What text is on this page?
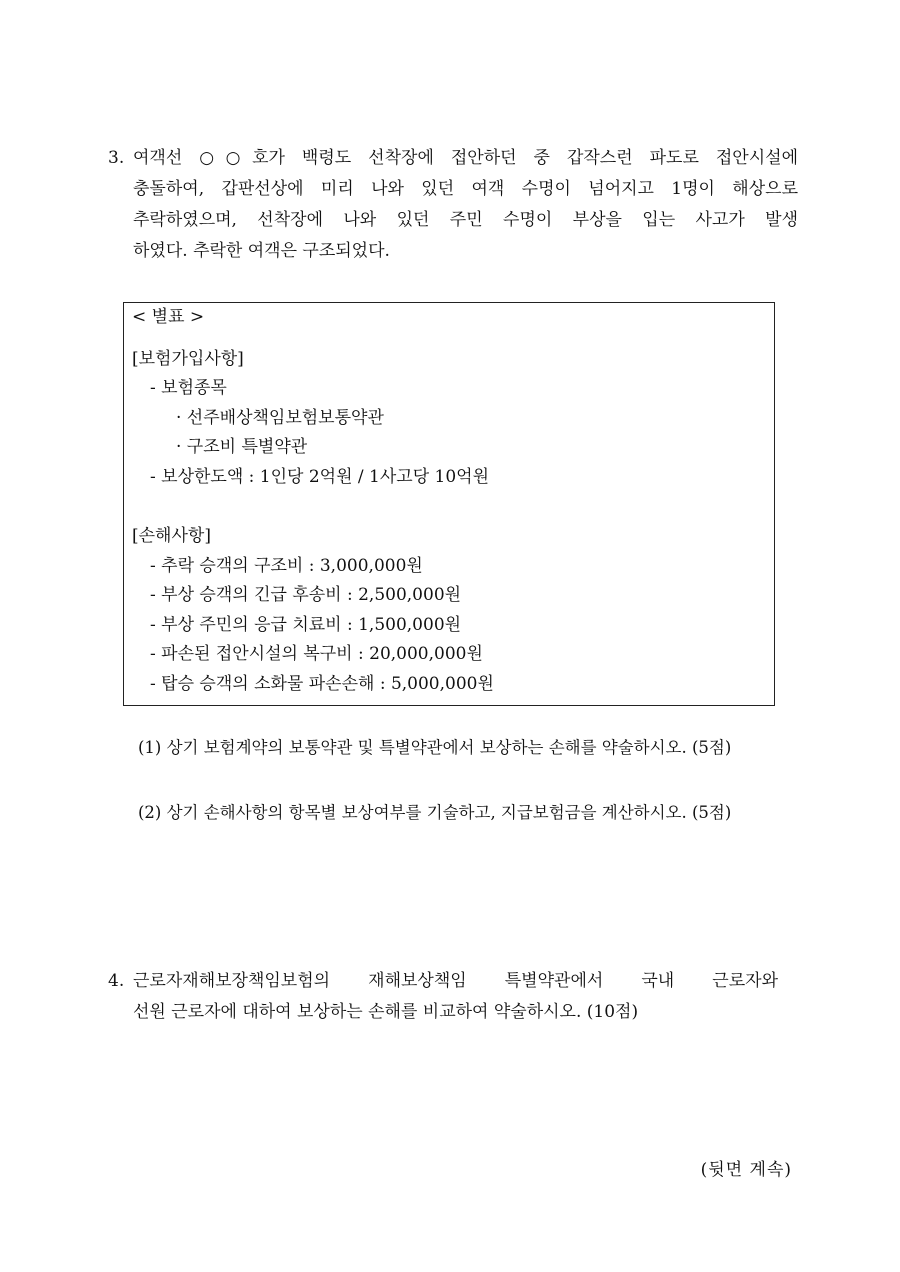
3. 여객선 ○○호가 백령도 선착장에 접안하던 중 갑작스런 파도로 접안시설에
충돌하여, 갑판선상에 미리 나와 있던 여객 수명이 넘어지고 1명이 해상으로
추락하였으며, 선착장에 나와 있던 주민 수명이 부상을 입는 사고가 발생
하였다. 추락한 여객은 구조되었다.
< 별표 >
[보험가입사항]
- 보험종목
· 선주배상책임보험보통약관
· 구조비 특별약관
- 보상한도액 : 1인당 2억원 / 1사고당 10억원
[손해사항]
- 추락 승객의 구조비 : 3,000,000원
- 부상 승객의 긴급 후송비 : 2,500,000원
- 부상 주민의 응급 치료비 : 1,500,000원
- 파손된 접안시설의 복구비 : 20,000,000원
- 탑승 승객의 소화물 파손손해 : 5,000,000원
(1) 상기 보험계약의 보통약관 및 특별약관에서 보상하는 손해를 약술하시오. (5점)
(2) 상기 손해사항의 항목별 보상여부를 기술하고, 지급보험금을 계산하시오. (5점)
4. 근로자재해보장책임보험의 재해보상책임 특별약관에서 국내 근로자와
선원 근로자에 대하여 보상하는 손해를 비교하여 약술하시오. (10점)
(뒷면 계속)
